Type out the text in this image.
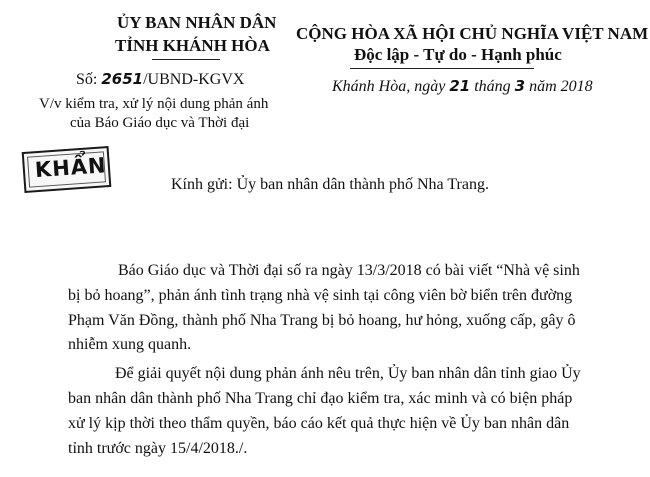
ỦY BAN NHÂN DÂN
TỈNH KHÁNH HÒA
Số: 2651/UBND-KGVX
V/v kiểm tra, xử lý nội dung phản ánh
của Báo Giáo dục và Thời đại
CỘNG HÒA XÃ HỘI CHỦ NGHĨA VIỆT NAM
Độc lập - Tự do - Hạnh phúc
Khánh Hòa, ngày 21 tháng 3 năm 2018
KHẨN
Kính gửi: Ủy ban nhân dân thành phố Nha Trang.
Báo Giáo dục và Thời đại số ra ngày 13/3/2018 có bài viết “Nhà vệ sinh
bị bỏ hoang”, phản ánh tình trạng nhà vệ sinh tại công viên bờ biển trên đường
Phạm Văn Đồng, thành phố Nha Trang bị bỏ hoang, hư hỏng, xuống cấp, gây ô
nhiễm xung quanh.
Để giải quyết nội dung phản ánh nêu trên, Ủy ban nhân dân tỉnh giao Ủy
ban nhân dân thành phố Nha Trang chỉ đạo kiểm tra, xác minh và có biện pháp
xử lý kịp thời theo thẩm quyền, báo cáo kết quả thực hiện về Ủy ban nhân dân
tỉnh trước ngày 15/4/2018./.
